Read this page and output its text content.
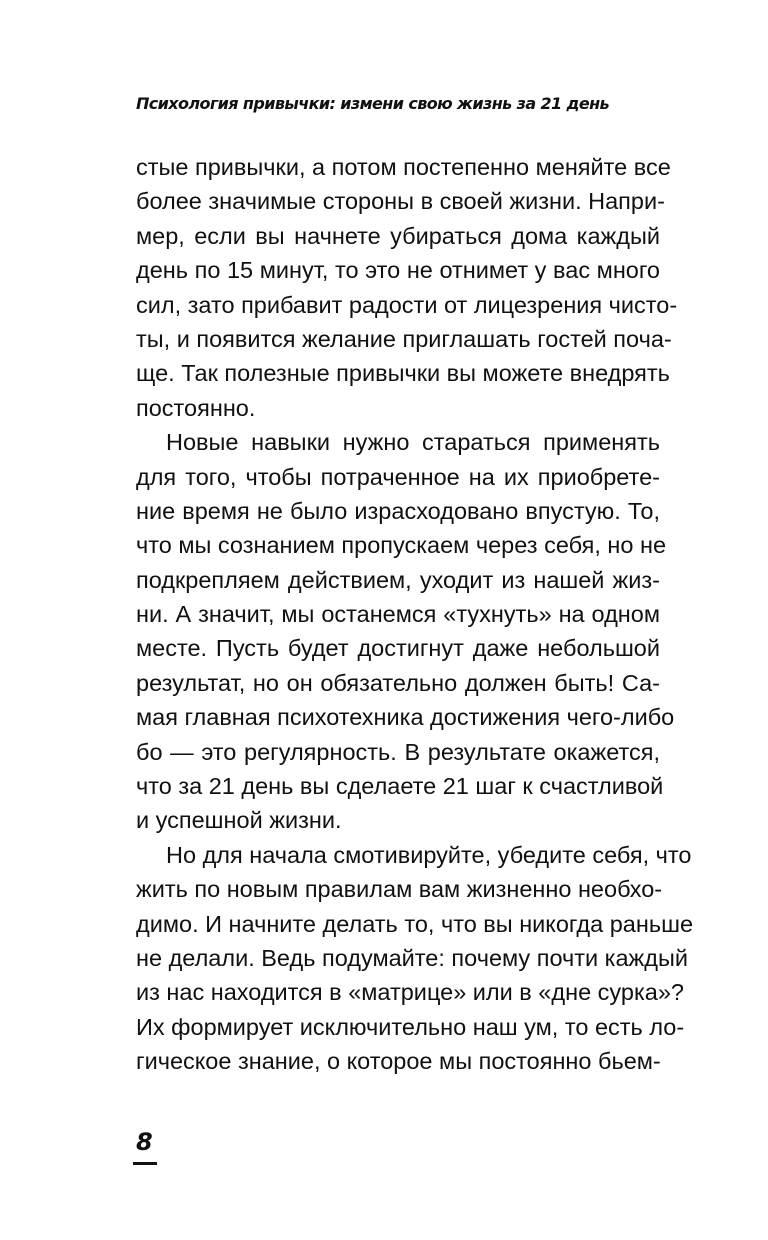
Психология привычки: измени свою жизнь за 21 день
стые привычки, а потом постепенно меняйте все
более значимые стороны в своей жизни. Напри-
мер, если вы начнете убираться дома каждый
день по 15 минут, то это не отнимет у вас много
сил, зато прибавит радости от лицезрения чисто-
ты, и появится желание приглашать гостей поча-
ще. Так полезные привычки вы можете внедрять
постоянно.
Новые навыки нужно стараться применять
для того, чтобы потраченное на их приобрете-
ние время не было израсходовано впустую. То,
что мы сознанием пропускаем через себя, но не
подкрепляем действием, уходит из нашей жиз-
ни. А значит, мы останемся «тухнуть» на одном
месте. Пусть будет достигнут даже небольшой
результат, но он обязательно должен быть! Са-
мая главная психотехника достижения чего-либо
бо — это регулярность. В результате окажется,
что за 21 день вы сделаете 21 шаг к счастливой
и успешной жизни.
Но для начала смотивируйте, убедите себя, что
жить по новым правилам вам жизненно необхо-
димо. И начните делать то, что вы никогда раньше
не делали. Ведь подумайте: почему почти каждый
из нас находится в «матрице» или в «дне сурка»?
Их формирует исключительно наш ум, то есть ло-
гическое знание, о которое мы постоянно бьем-
8
